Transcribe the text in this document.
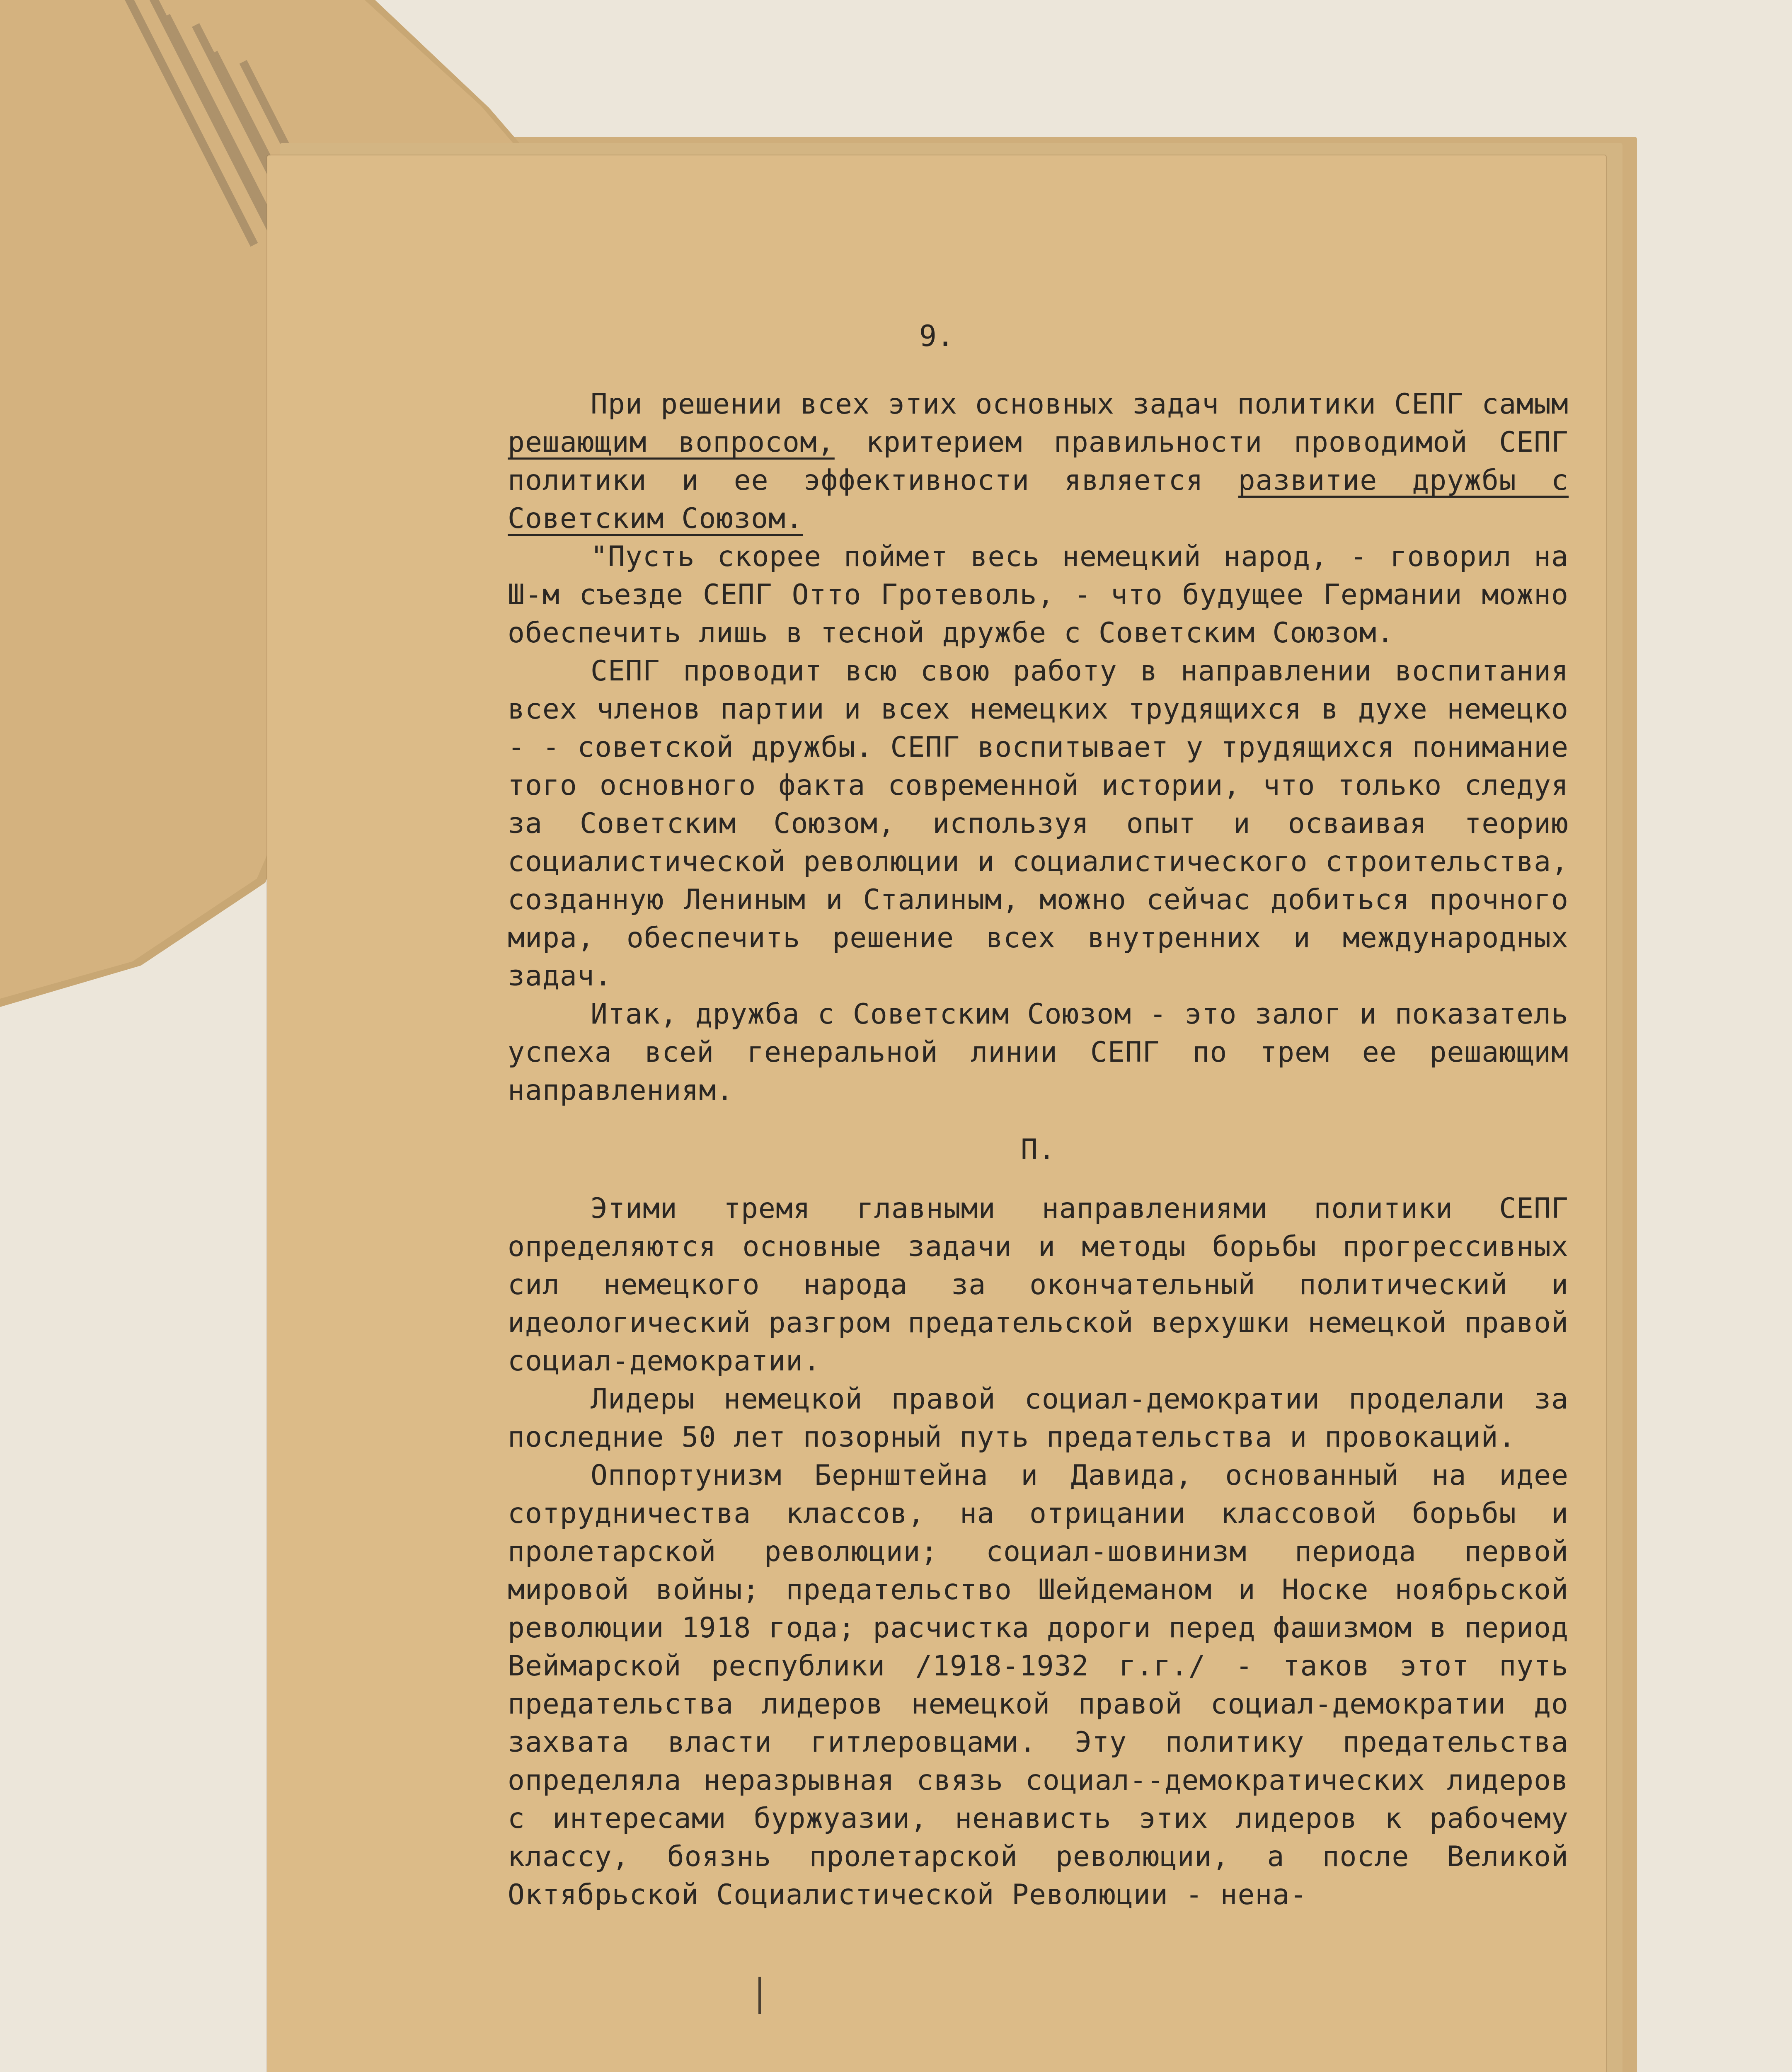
9.

При решении всех этих основных задач политики СЕПГ самым решающим вопросом, критерием правильности проводимой СЕПГ политики и ее эффективности является развитие дружбы с Советским Союзом.

"Пусть скорее поймет весь немецкий народ, - говорил на Ш-м съезде СЕПГ Отто Гротеволь, - что будущее Германии можно обеспечить лишь в тесной дружбе с Советским Союзом.

СЕПГ проводит всю свою работу в направлении воспитания всех членов партии и всех немецких трудящихся в духе немецко - - советской дружбы. СЕПГ воспитывает у трудящихся понимание того основного факта современной истории, что только следуя за Советским Союзом, используя опыт и осваивая теорию социалистической революции и социалистического строительства, созданную Лениным и Сталиным, можно сейчас добиться прочного мира, обеспечить решение всех внутренних и международных задач.

Итак, дружба с Советским Союзом - это залог и показатель успеха всей генеральной линии СЕПГ по трем ее решающим направлениям.

П.

Этими тремя главными направлениями политики СЕПГ определяются основные задачи и методы борьбы прогрессивных сил немецкого народа за окончательный политический и идеологический разгром предательской верхушки немецкой правой социал-демократии.

Лидеры немецкой правой социал-демократии проделали за последние 50 лет позорный путь предательства и провокаций.

Оппортунизм Бернштейна и Давида, основанный на идее сотрудничества классов, на отрицании классовой борьбы и пролетарской революции; социал-шовинизм периода первой мировой войны; предательство Шейдеманом и Носке ноябрьской революции 1918 года; расчистка дороги перед фашизмом в период Веймарской республики /1918-1932 г.г./ - таков этот путь предательства лидеров немецкой правой социал-демократии до захвата власти гитлеровцами. Эту политику предательства определяла неразрывная связь социал--демократических лидеров с интересами буржуазии, ненависть этих лидеров к рабочему классу, боязнь пролетарской революции, а после Великой Октябрьской Социалистической Революции - нена-
